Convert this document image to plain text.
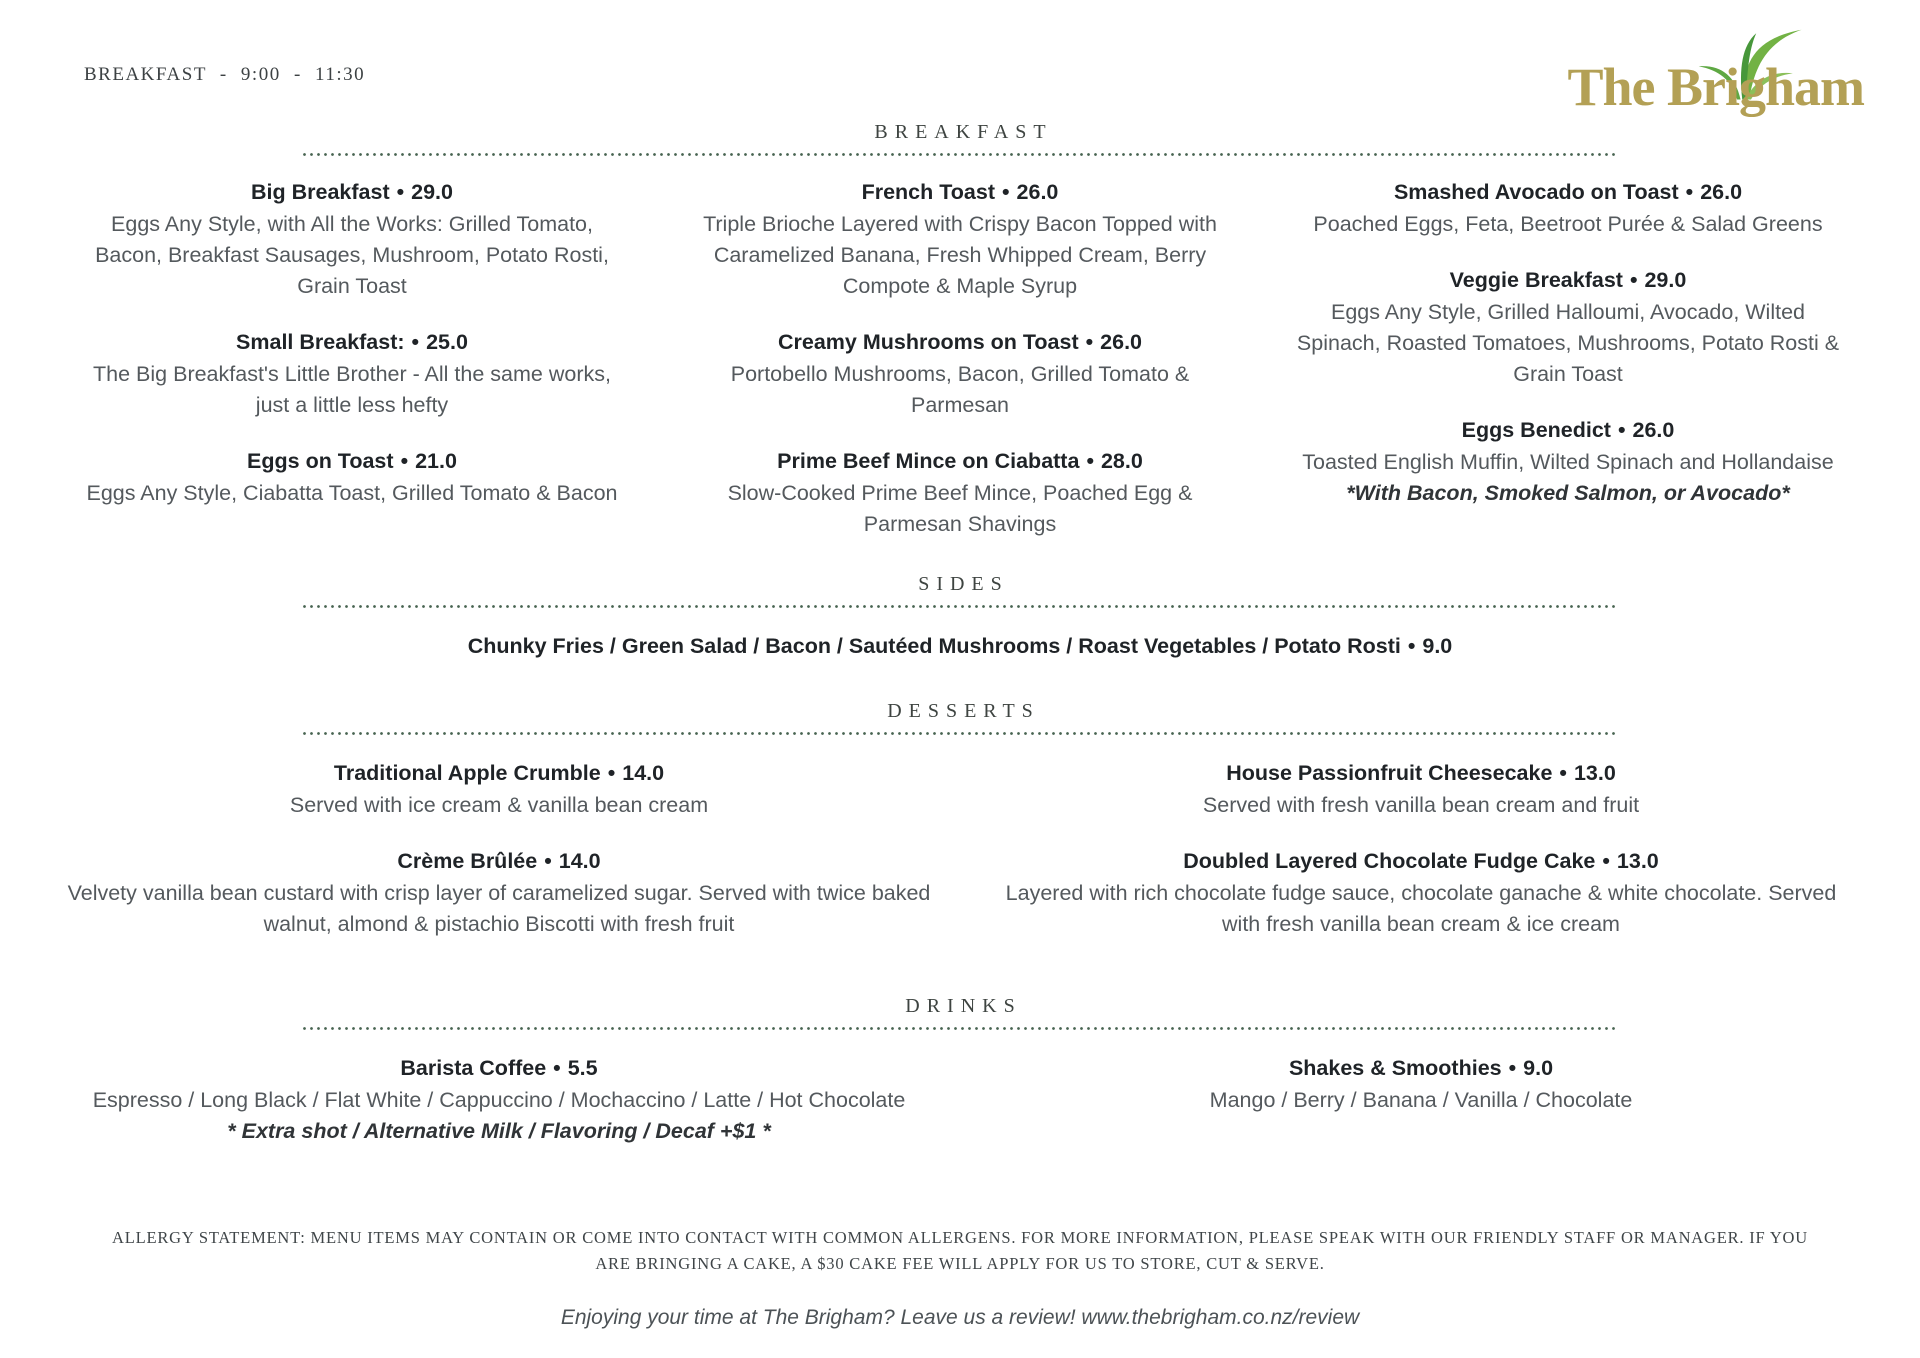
BREAKFAST - 9:00 - 11:30	The Brigham
BREAKFAST
Big Breakfast • 29.0
Eggs Any Style, with All the Works: Grilled Tomato, Bacon, Breakfast Sausages, Mushroom, Potato Rosti, Grain Toast
Small Breakfast: • 25.0
The Big Breakfast's Little Brother - All the same works, just a little less hefty
Eggs on Toast • 21.0
Eggs Any Style, Ciabatta Toast, Grilled Tomato & Bacon
French Toast • 26.0
Triple Brioche Layered with Crispy Bacon Topped with Caramelized Banana, Fresh Whipped Cream, Berry Compote & Maple Syrup
Creamy Mushrooms on Toast • 26.0
Portobello Mushrooms, Bacon, Grilled Tomato & Parmesan
Prime Beef Mince on Ciabatta • 28.0
Slow-Cooked Prime Beef Mince, Poached Egg & Parmesan Shavings
Smashed Avocado on Toast • 26.0
Poached Eggs, Feta, Beetroot Purée & Salad Greens
Veggie Breakfast • 29.0
Eggs Any Style, Grilled Halloumi, Avocado, Wilted Spinach, Roasted Tomatoes, Mushrooms, Potato Rosti & Grain Toast
Eggs Benedict • 26.0
Toasted English Muffin, Wilted Spinach and Hollandaise
*With Bacon, Smoked Salmon, or Avocado*
SIDES
Chunky Fries / Green Salad / Bacon / Sautéed Mushrooms / Roast Vegetables / Potato Rosti • 9.0
DESSERTS
Traditional Apple Crumble • 14.0
Served with ice cream & vanilla bean cream
Crème Brûlée • 14.0
Velvety vanilla bean custard with crisp layer of caramelized sugar. Served with twice baked walnut, almond & pistachio Biscotti with fresh fruit
House Passionfruit Cheesecake • 13.0
Served with fresh vanilla bean cream and fruit
Doubled Layered Chocolate Fudge Cake • 13.0
Layered with rich chocolate fudge sauce, chocolate ganache & white chocolate. Served with fresh vanilla bean cream & ice cream
DRINKS
Barista Coffee • 5.5
Espresso / Long Black / Flat White / Cappuccino / Mochaccino / Latte / Hot Chocolate
* Extra shot / Alternative Milk / Flavoring / Decaf +$1 *
Shakes & Smoothies • 9.0
Mango / Berry / Banana / Vanilla / Chocolate
ALLERGY STATEMENT: MENU ITEMS MAY CONTAIN OR COME INTO CONTACT WITH COMMON ALLERGENS. FOR MORE INFORMATION, PLEASE SPEAK WITH OUR FRIENDLY STAFF OR MANAGER. IF YOU ARE BRINGING A CAKE, A $30 CAKE FEE WILL APPLY FOR US TO STORE, CUT & SERVE.
Enjoying your time at The Brigham? Leave us a review! www.thebrigham.co.nz/review
